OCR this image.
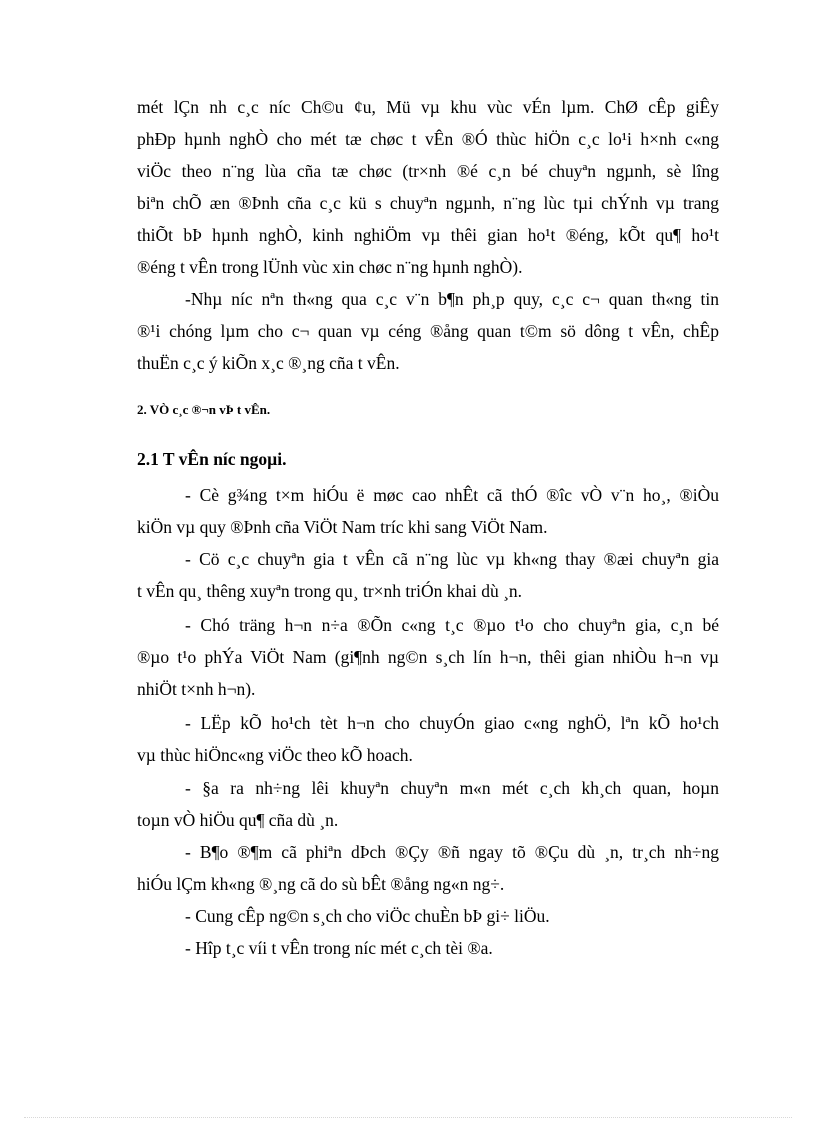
mét lÇn nh c¸c níc Ch©u ¢u, Mü vµ khu vùc vÉn lµm. ChØ cÊp giÊy
phÐp hµnh nghÒ cho mét tæ chøc t vÊn ®Ó thùc hiÖn c¸c lo¹i h×nh c«ng
viÖc theo n¨ng lùa cña tæ chøc (tr×nh ®é c¸n bé chuyªn ngµnh, sè lîng
biªn chÕ æn ®Þnh cña c¸c kü s chuyªn ngµnh, n¨ng lùc tµi chÝnh vµ trang
thiÕt bÞ hµnh nghÒ, kinh nghiÖm vµ thêi gian ho¹t ®éng, kÕt qu¶ ho¹t
®éng t vÊn trong lÜnh vùc xin chøc n¨ng hµnh nghÒ).
-Nhµ níc nªn th«ng qua c¸c v¨n b¶n ph¸p quy, c¸c c¬ quan th«ng tin
®¹i chóng lµm cho c¬ quan vµ céng ®ång quan t©m sö dông t vÊn, chÊp
thuËn c¸c ý kiÕn x¸c ®¸ng cña t vÊn.
2. VÒ c¸c ®¬n vÞ t vÊn.
2.1 T vÊn níc ngoµi.
- Cè g¾ng t×m hiÓu ë møc cao nhÊt cã thÓ ®îc vÒ v¨n ho¸, ®iÒu
kiÖn vµ quy ®Þnh cña ViÖt Nam tríc khi sang ViÖt Nam.
- Cö c¸c chuyªn gia t vÊn cã n¨ng lùc vµ kh«ng thay ®æi chuyªn gia
t vÊn qu¸ thêng xuyªn trong qu¸ tr×nh triÓn khai dù ¸n.
- Chó träng h¬n n÷a ®Õn c«ng t¸c ®µo t¹o cho chuyªn gia, c¸n bé
®µo t¹o phÝa ViÖt Nam (gi¶nh ng©n s¸ch lín h¬n, thêi gian nhiÒu h¬n vµ
nhiÖt t×nh h¬n).
- LËp kÕ ho¹ch tèt h¬n cho chuyÓn giao c«ng nghÖ, lªn kÕ ho¹ch
vµ thùc hiÖnc«ng viÖc theo kÕ hoach.
- §a ra nh÷ng lêi khuyªn chuyªn m«n mét c¸ch kh¸ch quan, hoµn
toµn vÒ hiÖu qu¶ cña dù ¸n.
- B¶o ®¶m cã phiªn dÞch ®Çy ®ñ ngay tõ ®Çu dù ¸n, tr¸ch nh÷ng
hiÓu lÇm kh«ng ®¸ng cã do sù bÊt ®ång ng«n ng÷.
- Cung cÊp ng©n s¸ch cho viÖc chuÈn bÞ gi÷ liÖu.
- Hîp t¸c víi t vÊn trong níc mét c¸ch tèi ®a.
